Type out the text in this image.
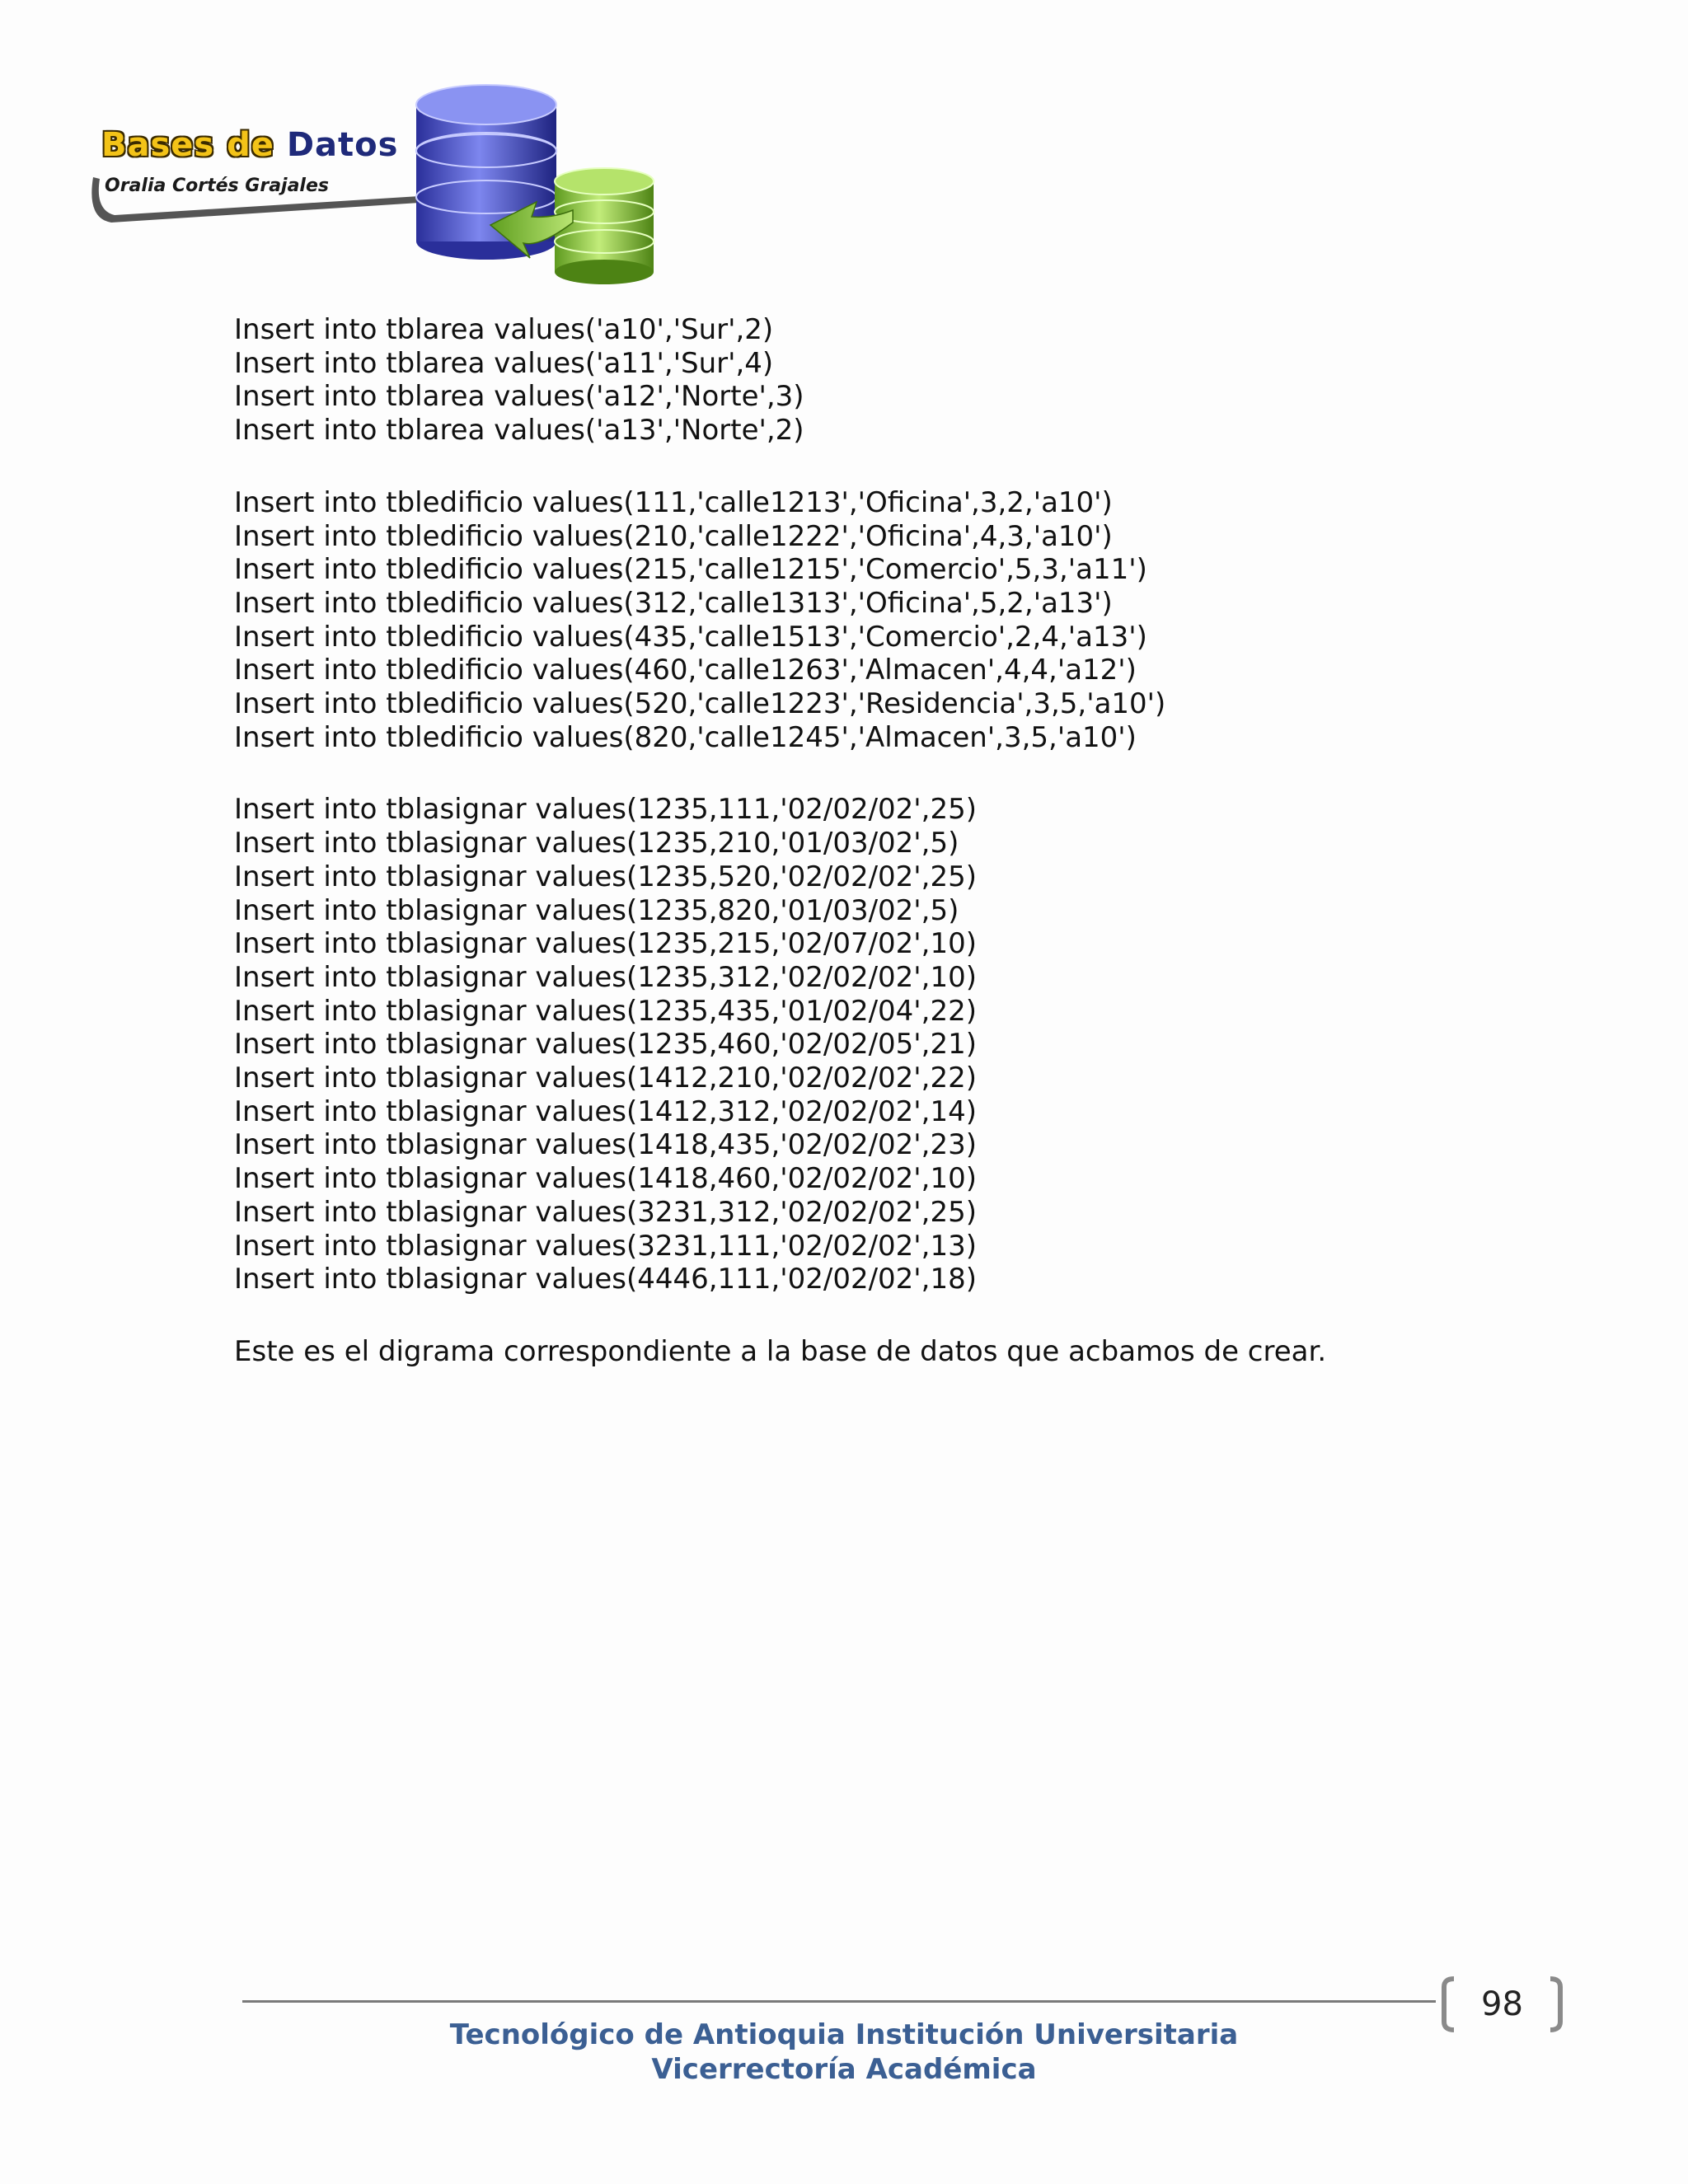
Bases de Datos
Oralia Cortés Grajales
Insert into tblarea values('a10','Sur',2)
Insert into tblarea values('a11','Sur',4)
Insert into tblarea values('a12','Norte',3)
Insert into tblarea values('a13','Norte',2)
Insert into tbledificio values(111,'calle1213','Oficina',3,2,'a10')
Insert into tbledificio values(210,'calle1222','Oficina',4,3,'a10')
Insert into tbledificio values(215,'calle1215','Comercio',5,3,'a11')
Insert into tbledificio values(312,'calle1313','Oficina',5,2,'a13')
Insert into tbledificio values(435,'calle1513','Comercio',2,4,'a13')
Insert into tbledificio values(460,'calle1263','Almacen',4,4,'a12')
Insert into tbledificio values(520,'calle1223','Residencia',3,5,'a10')
Insert into tbledificio values(820,'calle1245','Almacen',3,5,'a10')
Insert into tblasignar values(1235,111,'02/02/02',25)
Insert into tblasignar values(1235,210,'01/03/02',5)
Insert into tblasignar values(1235,520,'02/02/02',25)
Insert into tblasignar values(1235,820,'01/03/02',5)
Insert into tblasignar values(1235,215,'02/07/02',10)
Insert into tblasignar values(1235,312,'02/02/02',10)
Insert into tblasignar values(1235,435,'01/02/04',22)
Insert into tblasignar values(1235,460,'02/02/05',21)
Insert into tblasignar values(1412,210,'02/02/02',22)
Insert into tblasignar values(1412,312,'02/02/02',14)
Insert into tblasignar values(1418,435,'02/02/02',23)
Insert into tblasignar values(1418,460,'02/02/02',10)
Insert into tblasignar values(3231,312,'02/02/02',25)
Insert into tblasignar values(3231,111,'02/02/02',13)
Insert into tblasignar values(4446,111,'02/02/02',18)
Este es el digrama correspondiente a la base de datos que acbamos de crear.
98
Tecnológico de Antioquia Institución Universitaria
Vicerrectoría Académica
